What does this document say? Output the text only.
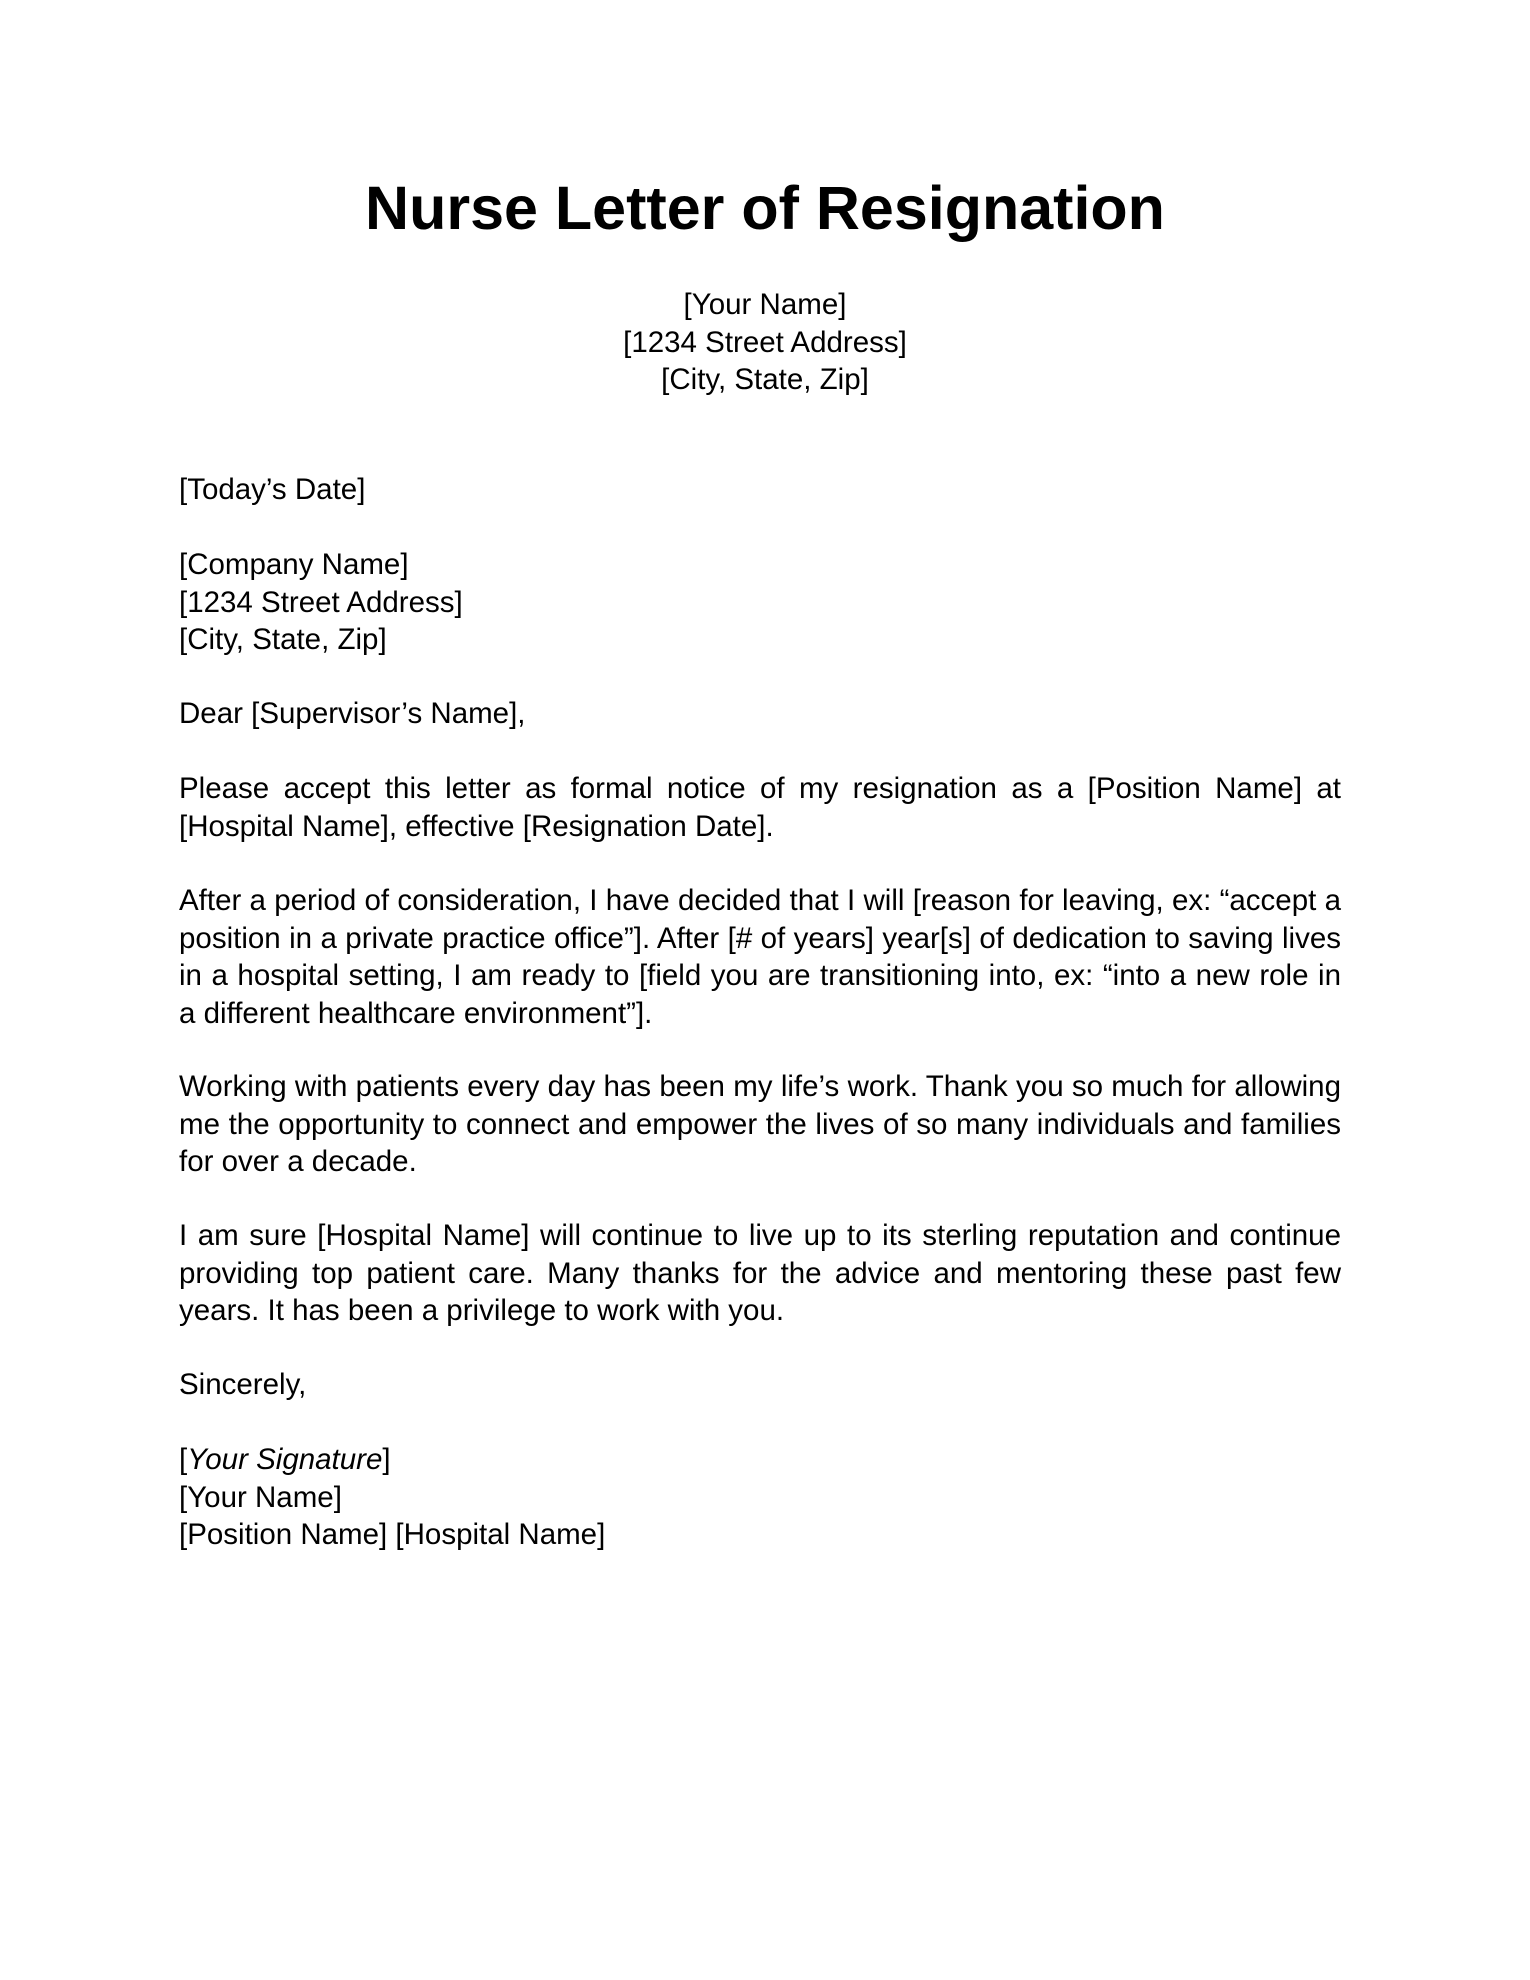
Nurse Letter of Resignation
[Your Name]
[1234 Street Address]
[City, State, Zip]
[Today’s Date]
[Company Name]
[1234 Street Address]
[City, State, Zip]
Dear [Supervisor’s Name],

Please accept this letter as formal notice of my resignation as a [Position Name] at [Hospital Name], effective [Resignation Date].

After a period of consideration, I have decided that I will [reason for leaving, ex: “accept a position in a private practice office”]. After [# of years] year[s] of dedication to saving lives in a hospital setting, I am ready to [field you are transitioning into, ex: “into a new role in a different healthcare environment”].

Working with patients every day has been my life’s work. Thank you so much for allowing me the opportunity to connect and empower the lives of so many individuals and families for over a decade.

I am sure [Hospital Name] will continue to live up to its sterling reputation and continue providing top patient care. Many thanks for the advice and mentoring these past few years. It has been a privilege to work with you.

Sincerely,
[Your Signature]
[Your Name]
[Position Name] [Hospital Name]
